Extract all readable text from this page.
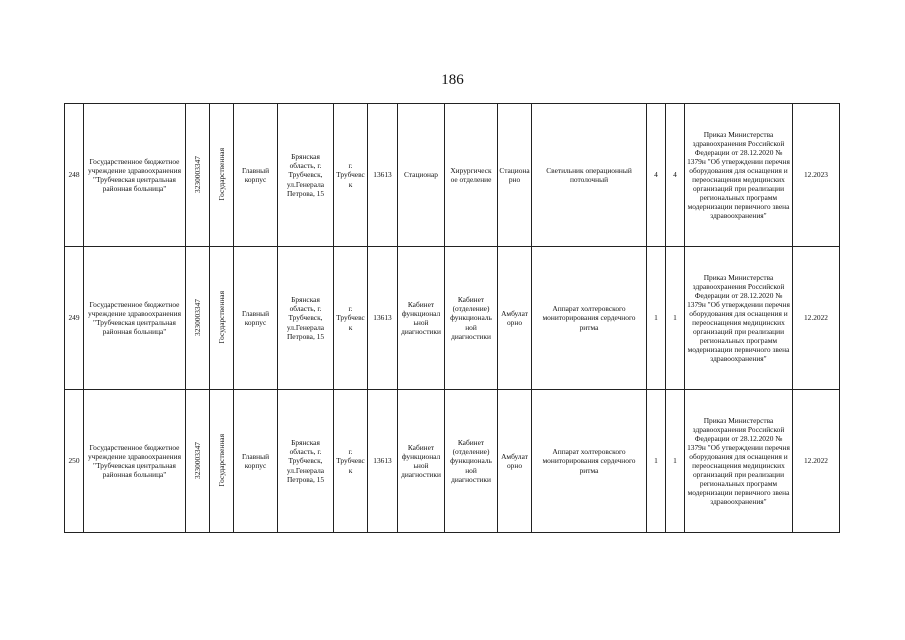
186
248	Государственное бюджетное учреждение здравоохранения "Трубчевская центральная районная больница"	3230003347	Государственная	Главный корпус	Брянская область, г. Трубчевск, ул.Генерала Петрова, 15	г. Трубчевс к	13613	Стационар	Хирургическ ое отделение	Стациона рно	Светильник операционный потолочный	4	4	Приказ Министерства здравоохранения Российской Федерации от 28.12.2020 № 1379н "Об утверждении перечня оборудования для оснащения и переоснащения медицинских организаций при реализации региональных программ модернизации первичного звена здравоохранения"	12.2023
249	Государственное бюджетное учреждение здравоохранения "Трубчевская центральная районная больница"	3230003347	Государственная	Главный корпус	Брянская область, г. Трубчевск, ул.Генерала Петрова, 15	г. Трубчевс к	13613	Кабинет функционал ьной диагностики	Кабинет (отделение) функциональ ной диагностики	Амбулат орно	Аппарат холтеровского мониторирования сердечного ритма	1	1	Приказ Министерства здравоохранения Российской Федерации от 28.12.2020 № 1379н "Об утверждении перечня оборудования для оснащения и переоснащения медицинских организаций при реализации региональных программ модернизации первичного звена здравоохранения"	12.2022
250	Государственное бюджетное учреждение здравоохранения "Трубчевская центральная районная больница"	3230003347	Государственная	Главный корпус	Брянская область, г. Трубчевск, ул.Генерала Петрова, 15	г. Трубчевс к	13613	Кабинет функционал ьной диагностики	Кабинет (отделение) функциональ ной диагностики	Амбулат орно	Аппарат холтеровского мониторирования сердечного ритма	1	1	Приказ Министерства здравоохранения Российской Федерации от 28.12.2020 № 1379н "Об утверждении перечня оборудования для оснащения и переоснащения медицинских организаций при реализации региональных программ модернизации первичного звена здравоохранения"	12.2022
